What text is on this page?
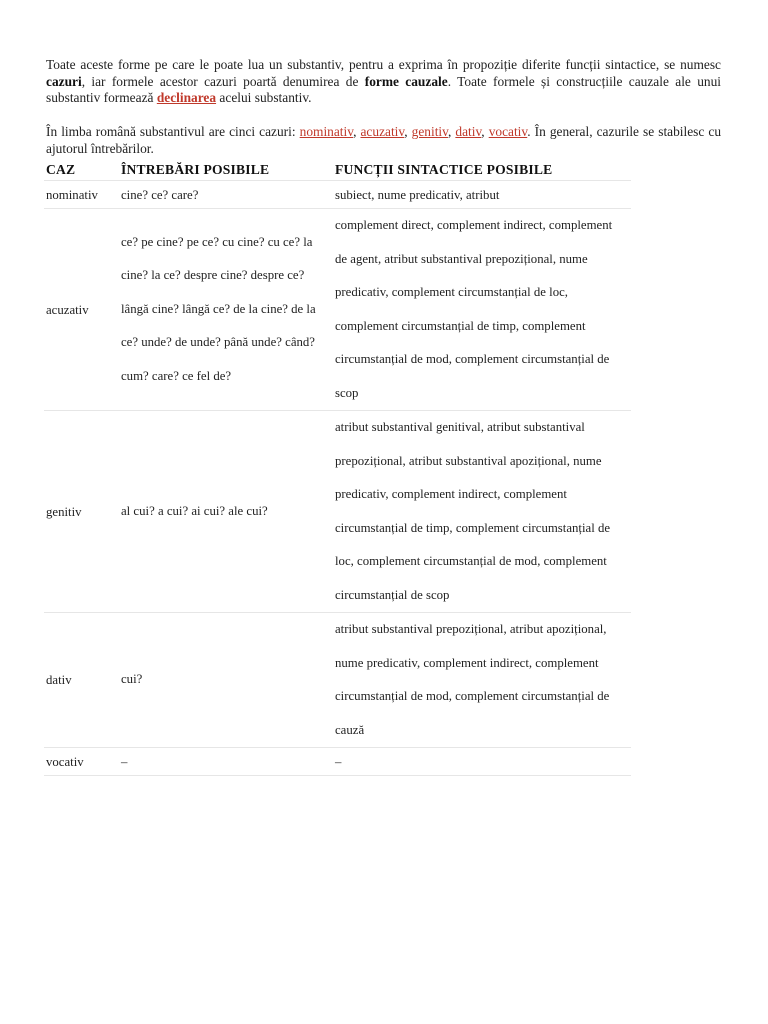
Toate aceste forme pe care le poate lua un substantiv, pentru a exprima în propoziție diferite funcții sintactice, se numesc cazuri, iar formele acestor cazuri poartă denumirea de forme cauzale. Toate formele și construcțiile cauzale ale unui substantiv formează declinarea acelui substantiv.

În limba română substantivul are cinci cazuri: nominativ, acuzativ, genitiv, dativ, vocativ. În general, cazurile se stabilesc cu ajutorul întrebărilor.

CAZ	ÎNTREBĂRI POSIBILE	FUNCȚII SINTACTICE POSIBILE
nominativ	cine? ce? care?	subiect, nume predicativ, atribut
acuzativ	ce? pe cine? pe ce? cu cine? cu ce? la cine? la ce? despre cine? despre ce? lângă cine? lângă ce? de la cine? de la ce? unde? de unde? până unde? când? cum? care? ce fel de?	complement direct, complement indirect, complement de agent, atribut substantival prepozițional, nume predicativ, complement circumstanțial de loc, complement circumstanțial de timp, complement circumstanțial de mod, complement circumstanțial de scop
genitiv	al cui? a cui? ai cui? ale cui?	atribut substantival genitival, atribut substantival prepozițional, atribut substantival apozițional, nume predicativ, complement indirect, complement circumstanțial de timp, complement circumstanțial de loc, complement circumstanțial de mod, complement circumstanțial de scop
dativ	cui?	atribut substantival prepozițional, atribut apozițional, nume predicativ, complement indirect, complement circumstanțial de mod, complement circumstanțial de cauză
vocativ	–	–
